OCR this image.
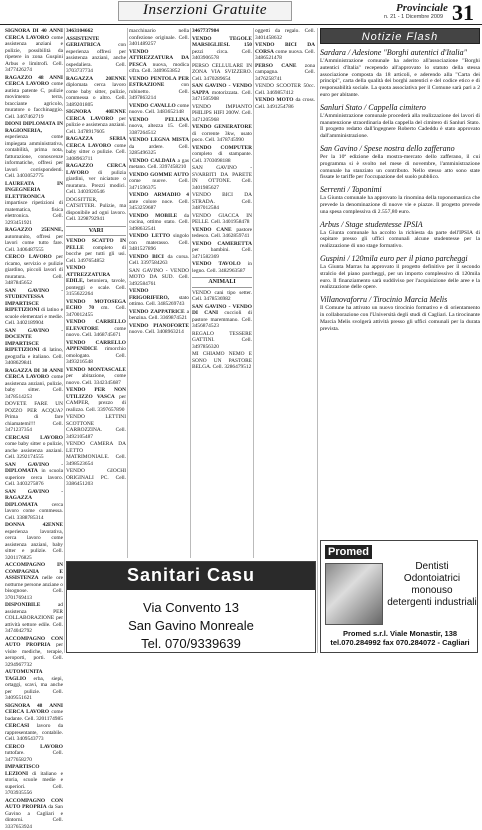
Inserzioni Gratuite	Provinciale
n. 21 - 1 Dicembre 2009 31

SIGNORA DI 40 ANNI CERCA LAVORO come assistenza anziani e pulizie, possibilità da ripetere in zona Guspini Arbus e limitrofi. Cell. 3477426274

RAGAZZO 48 ANNI CERCA LAVORO come autista patente C, pulizie movimento terra, bracciante agricolo, muratore o facchinaggio. Cell. 3467462719

DIONI DIPLOMATA IN RAGIONERIA, esperienza come impiegata amministrativa, contabilità, prima nota, fatturazione, conoscenze informatiche, offresi per lavori corrispondenti. Cell. 3403052775

LAUREATA IN INGEGNERIA ELETTRONICA impartisce ripetizioni di matematica, fisica elettronica. Cell. 3293451921

RAGAZZO 25ENNE, automunito, offresi per lavori come tutto fare. Cell. 3406487555

CERCO LAVORO per ricamo, servizio e pulizie giardino, piccoli lavori di muratura. Cell. 3487845652

SAN GAVINO - STUDENTESSA IMPARTISCE RIPETIZIONI di latino e scuole elementari e medie. Cell. 3402189904

SAN GAVINO - DOCENTE IMPARTISCE RIPETIZIONI di latino, geografia e italiano. Cell. 3408629841

RAGAZZA DI 30 ANNI CERCA LAVORO come assistenza anziani, pulizie, baby sitter. Cell. 3478514253

DOVETE FARE UN POZZO PER ACQUA? Prima di fare chiamatemi!!! Cell. 3471237354

CERCASI LAVORO come baby sitter o pulizie, anche assistenza anziani. Cell. 3292174555

SAN GAVINO - DIPLOMATA in scuola superiore cerca lavoro. Cell. 3403275876

SAN GAVINO - RAGAZZA DIPLOMATA cerca lavoro come commessa. Cell. 3388785314

DONNA 42ENNE esperienza lavorativa, cerca lavoro come assistenza anziani, baby sitter e pulizie. Cell. 3201176825

ACCOMPAGNO IN COMPAGNIA E ASSISTENZA nelle ore notturne persone anziane o bisognose. Cell. 3701769413

DISPONIBILE ad assistenza PER COLLABORAZIONE per attività settore edile. Cell. 3474042792

ACCOMPAGNO CON AUTO PROPRIA per visite mediche, terapie, aeroporti, porti. Cell. 3294967732

AUTOMUNITA TAGLIO erba, siepi, ortaggi, scavi, ma anche per pulizie. Cell. 3409551621

SIGNORA 48 ANNI CERCA LAVORO come badante. Cell. 3201174985

CERCASI lavoro da rappresentante, contabile. Cell. 3409543773

CERCO LAVORO tuttofare. Cell. 3477658270

IMPARTISCO LEZIONI di italiano e storia, scuole medie e superiori. Cell. 3703935556

ACCOMPAGNO CON AUTO PROPRIA da San Gavino a Cagliari e dintorni. Cell. 3337653924

3463104662

ASSISTENTE GERIATRICA con esperienza offresi per assistenza anziani, anche ospedaliera. Cell. 3703737734

RAGAZZA 20ENNE diplomata cerca lavoro come baby sitter, pulizie, commessa o altro. Cell. 3489201805

SIGNORA 40ENNE CERCA LAVORO per pulizie e assistenza anziani. Cell. 3478917605

RAGAZZA SERIA CERCA LAVORO come baby sitter o pulizie. Cell. 3408963711

RAGAZZO CERCA LAVORO di pulizia giardini, ver niciature o muratura. Prezzi modici. Cell. 3403920546

DOGSITTER, CATSITTER. Pulizie, ma disponibile ad ogni lavoro. Cell. 3298792941

VARI

VENDO SCATTO IN PELLE completo di bocche per tutti gli usi. Cell. 3497654852

VENDO ATTREZZATURA EDILE, betoniera, tavole, ponteggi e scale. Cell. 3155622264

VENDO MOTOSEGA ECHO 70 cm. Cell. 3470012455

VENDO CARRELLO ELEVATORE come nuovo. Cell. 3468745671

VENDO CARRELLO APPENDICE rimorchio omologato. Cell. 3493216548

VENDO MONTASCALE per abitazione, come nuovo. Cell. 3342345687

VENDO PER NON UTILIZZO VASCA per CAMPER, prezzo di realizzo. Cell. 3397657890

VENDO LETTINI SCOTTONE CARROZZINA. Cell. 3492105487

VENDO CAMERA DA LETTO MATRIMONIALE. Cell. 3498523654

VENDO GIOCHI ORIGINALI PC. Cell. 3386451203

macchinario nella confezione originale. Cell. 3401489257

VENDO ATTREZZATURA DA PESCA nuova, modica cifra. Cell. 3409653852

VENDO PENTOLA PER ESTRAZIONE con rubinetto. Cell. 3497863214

VENDO CAVALLO come nuovo. Cell. 3483652148

VENDO PELLINA nuova, altezza 15. Cell. 3387264512

VENDO LEGNA MISTA da ardere. Cell. 3285496325

VENDO CALDAIA a gas metano. Cell. 3397458210

VENDO GOMME AUTO come nuove. Cell. 3471596375

VENDO ARMADIO 4 ante colore noce. Cell. 3453259687

VENDO MOBILE da cucina, ottimo stato. Cell. 3498632541

VENDO LETTO singolo con materasso. Cell. 3481527896

VENDO BICI da corsa. Cell. 3397584263

SAN GAVINO - VENDO MOTO DA SUD. Cell. 3492584761

VENDO FRIGORIFERO, stato ottimo. Cell. 3485269743

VENDO ZAPPATRICE a benzina. Cell. 3369874521

VENDO PIANOFORTE nuovo. Cell. 3408963214

3467737984

VENDO TEGOLE MARSIGLIESI. 150 pezzi circa. Cell. 3403906578

PERSO CELLULARE IN ZONA VIA SVIZZERO. Cell. 3470289654

SAN GAVINO - VENDO SAPPA motorizzata. Cell. 3471505908

VENDO IMPIANTO PHILIPS HIFI 200W. Cell. 3471205968

VENDO GENERATORE di corrente 3kw, usato poco. Cell. 3478745990

VENDO COMPUTER completo di stampante. Cell. 3703098188

SAN GAVINO - SVARBITI DA PARETE IN OTTONE. Cell. 3401985627

VENDO BICI DA STRADA. Cell. 3487012584

VENDO GIACCA IN PELLE. Cell. 3401958478

VENDO CANE pastore tedesco. Cell. 3462859741

VENDO CAMERETTA per bambini. Cell. 3471582369

VENDO TAVOLO in legno. Cell. 3482963587

ANIMALI

VENDO cani tipo setter. Cell. 3478536982

SAN GAVINO - VENDO DI CANI cuccioli di pastore maremmano. Cell. 3456874523

REGALO TESSERE GATTINI. Cell. 3497856320

MI CHIAMO NEMO E SONO UN PASTORE BELGA. Cell. 3286479512

oggetti da regalo. Cell. 3401458632

VENDO BICI DA CORSA come nuova. Cell. 3486521478

PERSO CANE zona campagna. Cell. 3476258741

VENDO SCOOTER 50cc. Cell. 3469857412

VENDO MOTO da cross. Cell. 3491254786

Notizie Flash
Sardara / Adesione "Borghi autentici d'Italia"

L'Amministrazione comunale ha aderito all'associazione "Borghi autentici d'Italia" recependo all'approvato lo statuto della stessa associazione composta da 18 articoli, e aderendo alla "Carta dei principi", carta della qualità dei borghi autentici e del codice etico e di responsabilità sociale. La quota associativa per il Comune sarà pari a 2 euro per abitante.

Sanluri Stato / Cappella cimitero

L'Amministrazione comunale procederà alla realizzazione dei lavori di manutenzione straordinaria della cappella del cimitero di Sanluri Stato. Il progetto redatto dall'ingegnere Roberto Cadeddu è stato approvato dall'amministrazione.

San Gavino / Spese nostra dello zafferano

Per la 10ª edizione della mostra-mercato dello zafferano, il cui programma si è svolto nel mese di novembre, l'amministrazione comunale ha stanziato un contributo. Nello stesso atto sono state fissate le tariffe per l'occupazione del suolo pubblico.

Serrenti / Toponimi

La Giunta comunale ha approvato la rinomina della toponomastica che prevede la denominazione di nuove vie e piazze. Il progetto prevede una spesa complessiva di 2.557,80 euro.

Arbus / Stage studentesse IPSIA

La Giunta comunale ha accolto la richiesta da parte dell'IPSIA di ospitare presso gli uffici comunali alcune studentesse per la realizzazione di uno stage formativo.

Guspini / 120mila euro per il piano parcheggi

La Giunta Marras ha approvato il progetto definitivo per il secondo stralcio del piano parcheggi, per un importo complessivo di 120mila euro. Il finanziamento sarà suddiviso per l'acquisizione delle aree e la realizzazione delle opere.

Villanovaforru / Tirocinio Marcia Melis

Il Comune ha attivato un nuovo tirocinio formativo e di orientamento in collaborazione con l'Università degli studi di Cagliari. La tirocinante Marcia Melis svolgerà attività presso gli uffici comunali per la durata prevista.

Sanitari Casu
Via Convento 13
San Gavino Monreale
Tel. 070/9339639
Promed
Dentisti
Odontoiatrici
monouso
detergenti industriali
Promed s.r.l. Viale Monastir, 138
tel.070.284992 fax 070.284072 - Cagliari
